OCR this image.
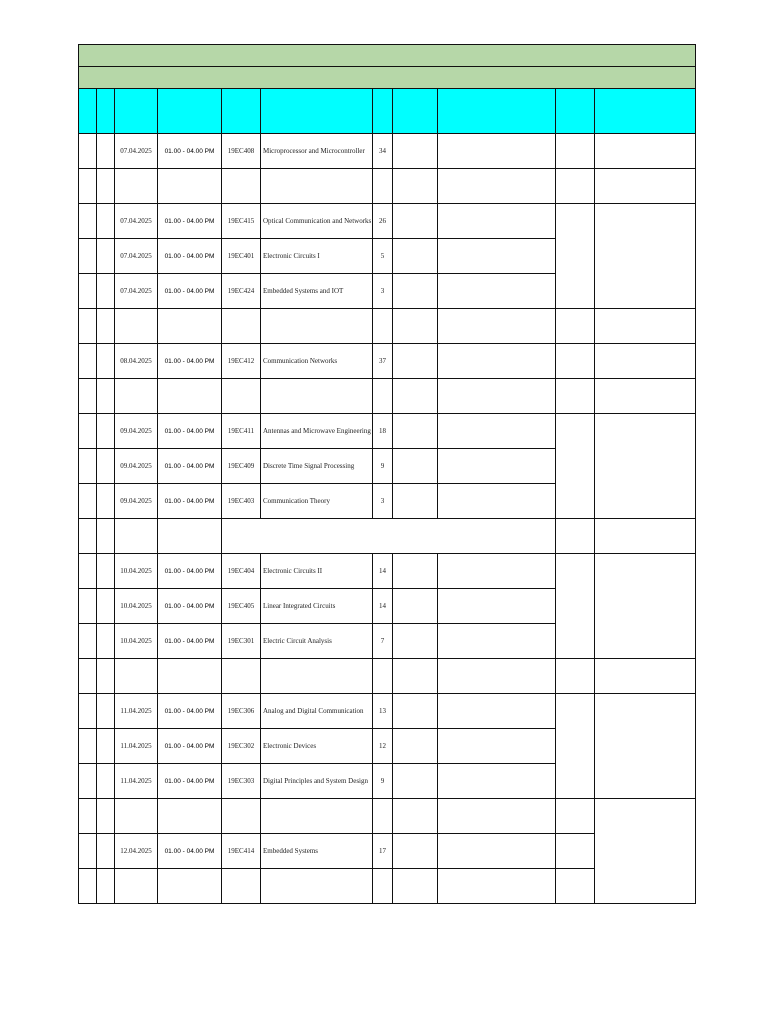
		07.04.2025	01.00 - 04.00 PM	19EC408	Microprocessor and Microcontroller	34				

		07.04.2025	01.00 - 04.00 PM	19EC415	Optical Communication and Networks	26				
		07.04.2025	01.00 - 04.00 PM	19EC401	Electronic Circuits I	5				
		07.04.2025	01.00 - 04.00 PM	19EC424	Embedded Systems and IOT	3				

		08.04.2025	01.00 - 04.00 PM	19EC412	Communication Networks	37				

		09.04.2025	01.00 - 04.00 PM	19EC411	Antennas and Microwave Engineering	18				
		09.04.2025	01.00 - 04.00 PM	19EC409	Discrete Time Signal Processing	9				
		09.04.2025	01.00 - 04.00 PM	19EC403	Communication Theory	3				

		10.04.2025	01.00 - 04.00 PM	19EC404	Electronic Circuits II	14				
		10.04.2025	01.00 - 04.00 PM	19EC405	Linear Integrated Circuits	14				
		10.04.2025	01.00 - 04.00 PM	19EC301	Electric Circuit Analysis	7				

		11.04.2025	01.00 - 04.00 PM	19EC306	Analog and Digital Communication	13				
		11.04.2025	01.00 - 04.00 PM	19EC302	Electronic Devices	12				
		11.04.2025	01.00 - 04.00 PM	19EC303	Digital Principles and System Design	9				

		12.04.2025	01.00 - 04.00 PM	19EC414	Embedded Systems	17				
